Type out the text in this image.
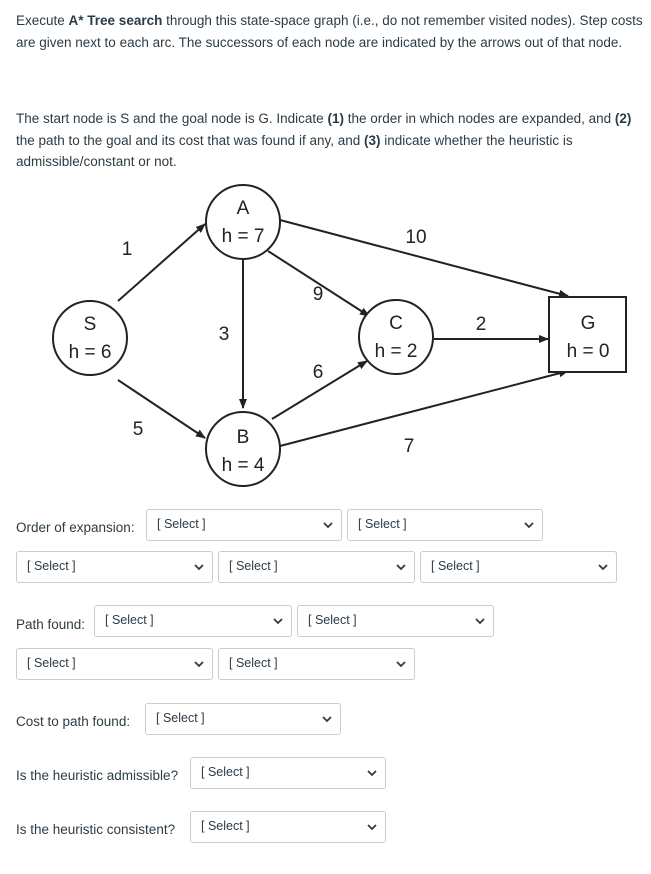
Execute A* Tree search through this state-space graph (i.e., do not remember visited nodes). Step costs are given next to each arc. The successors of each node are indicated by the arrows out of that node.

The start node is S and the goal node is G. Indicate (1) the order in which nodes are expanded, and (2) the path to the goal and its cost that was found if any, and (3) indicate whether the heuristic is admissible/constant or not.

1
5
3
9
6
10
2
7
S
h = 6
A
h = 7
B
h = 4
C
h = 2
G
h = 0
Order of expansion: [ Select ]	[ Select ]
[ Select ]	[ Select ]	[ Select ]
Path found: [ Select ]	[ Select ]
[ Select ]	[ Select ]
Cost to path found: [ Select ]
Is the heuristic admissible? [ Select ]
Is the heuristic consistent? [ Select ]
